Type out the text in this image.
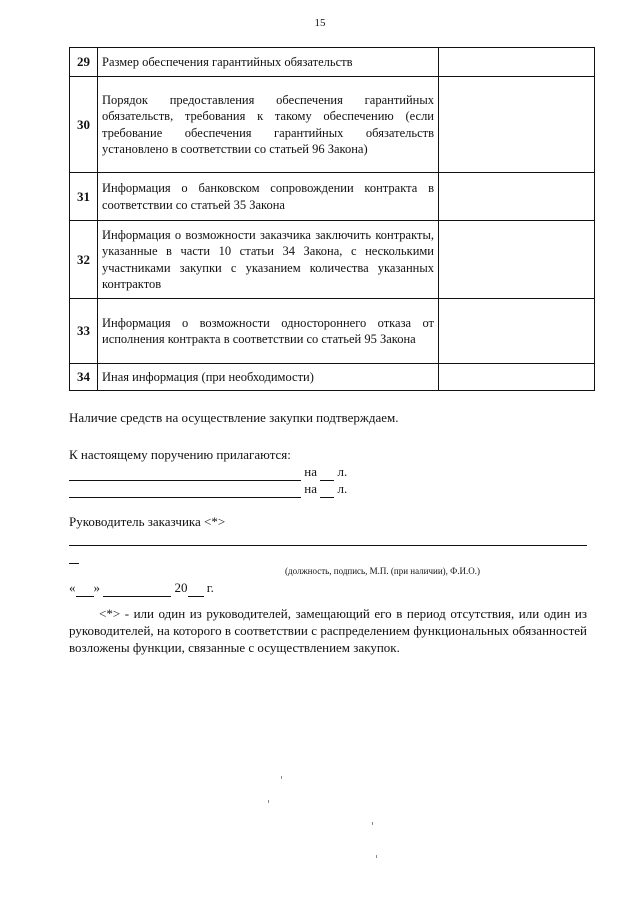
15
29	Размер обеспечения гарантийных обязательств	
30	Порядок предоставления обеспечения гарантийных обязательств, требования к такому обеспечению (если требование обеспечения гарантийных обязательств установлено в соответствии со статьей 96 Закона)	
31	Информация о банковском сопровождении контракта в соответствии со статьей 35 Закона	
32	Информация о возможности заказчика заключить контракты, указанные в части 10 статьи 34 Закона, с несколькими участниками закупки с указанием количества указанных контрактов	
33	Информация о возможности одностороннего отказа от исполнения контракта в соответствии со статьей 95 Закона	
34	Иная информация (при необходимости)	
Наличие средств на осуществление закупки подтверждаем.
К настоящему поручению прилагаются:
на л.
на л.
Руководитель заказчика <*>
(должность, подпись, М.П. (при наличии), Ф.И.О.)
« »	20 г.
<*> - или один из руководителей, замещающий его в период отсутствия, или один из руководителей, на которого в соответствии с распределением функциональных обязанностей возложены функции, связанные с осуществлением закупок.
